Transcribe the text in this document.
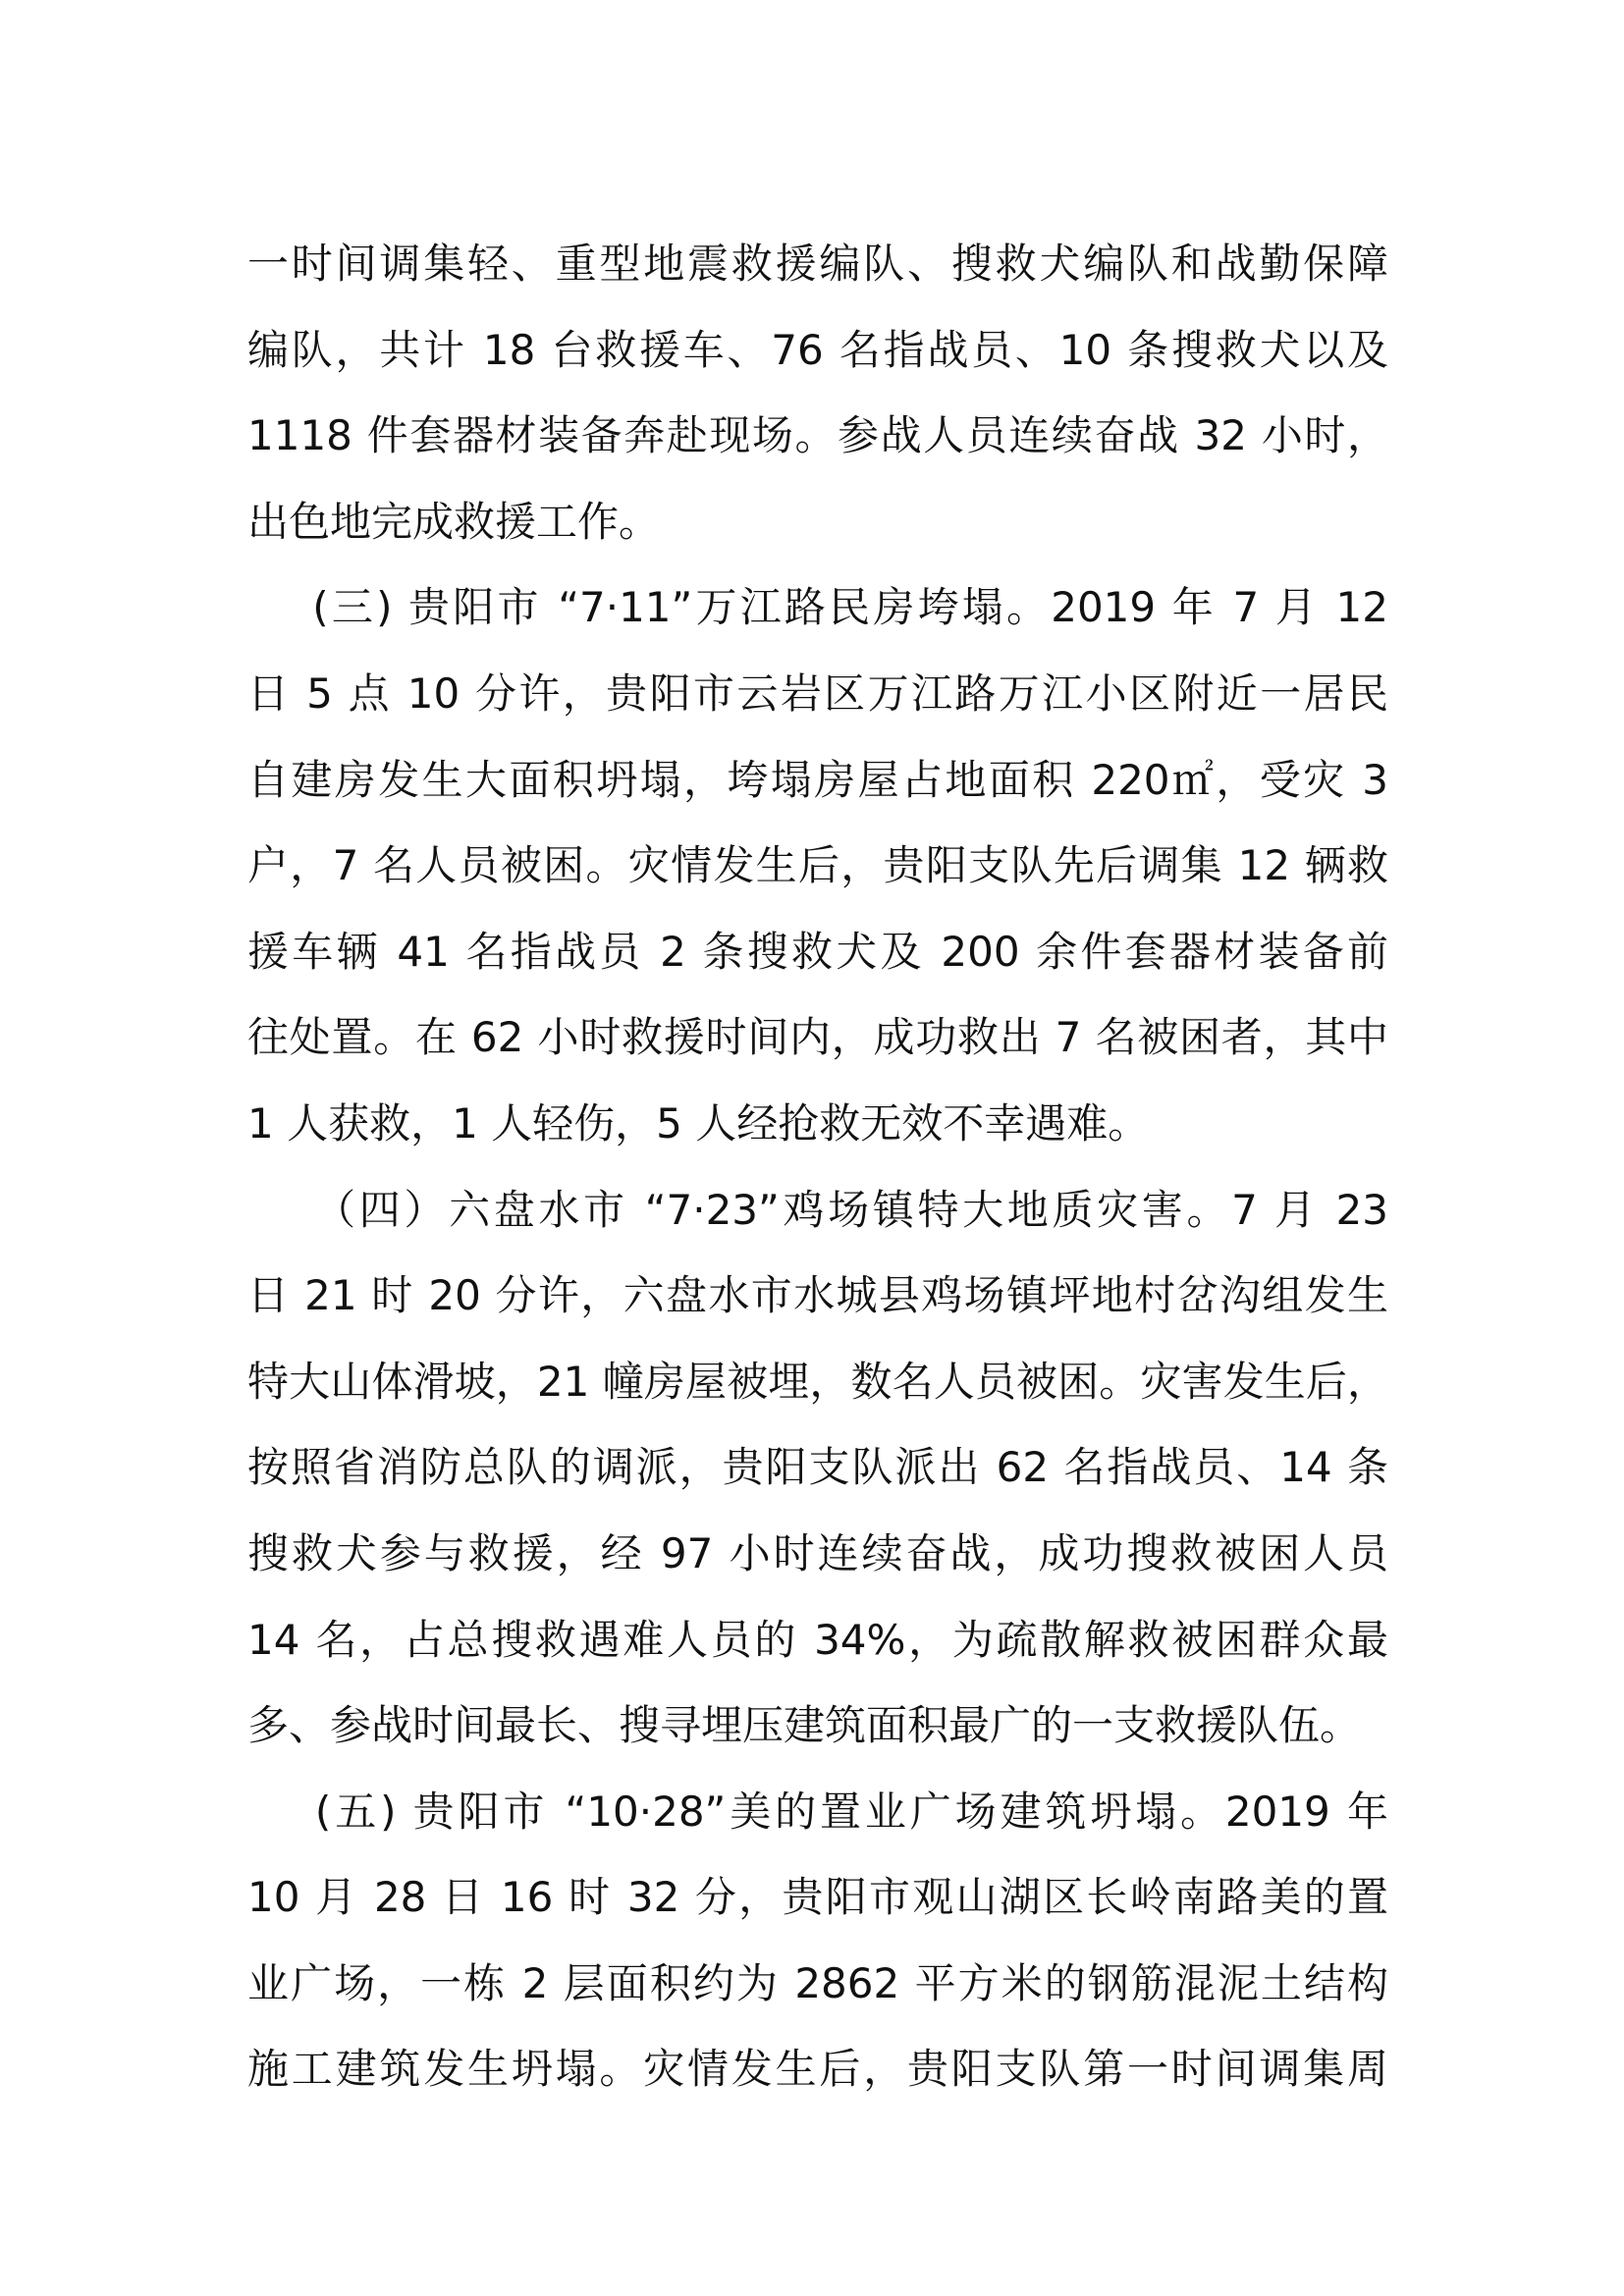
一时间调集轻、重型地震救援编队、搜救犬编队和战勤保障
编队，共计 18 台救援车、76 名指战员、10 条搜救犬以及
1118 件套器材装备奔赴现场。参战人员连续奋战 32 小时，
出色地完成救援工作。
(三) 贵阳市 “7·11”万江路民房垮塌。2019 年 7 月 12
日 5 点 10 分许，贵阳市云岩区万江路万江小区附近一居民
自建房发生大面积坍塌，垮塌房屋占地面积 220㎡，受灾 3
户，7 名人员被困。灾情发生后，贵阳支队先后调集 12 辆救
援车辆 41 名指战员 2 条搜救犬及 200 余件套器材装备前
往处置。在 62 小时救援时间内，成功救出 7 名被困者，其中
1 人获救，1 人轻伤，5 人经抢救无效不幸遇难。
（四）六盘水市 “7·23”鸡场镇特大地质灾害。7 月 23
日 21 时 20 分许，六盘水市水城县鸡场镇坪地村岔沟组发生
特大山体滑坡，21 幢房屋被埋，数名人员被困。灾害发生后，
按照省消防总队的调派，贵阳支队派出 62 名指战员、14 条
搜救犬参与救援，经 97 小时连续奋战，成功搜救被困人员
14 名，占总搜救遇难人员的 34%，为疏散解救被困群众最
多、参战时间最长、搜寻埋压建筑面积最广的一支救援队伍。
(五) 贵阳市 “10·28”美的置业广场建筑坍塌。2019 年
10 月 28 日 16 时 32 分，贵阳市观山湖区长岭南路美的置
业广场，一栋 2 层面积约为 2862 平方米的钢筋混泥土结构
施工建筑发生坍塌。灾情发生后，贵阳支队第一时间调集周
